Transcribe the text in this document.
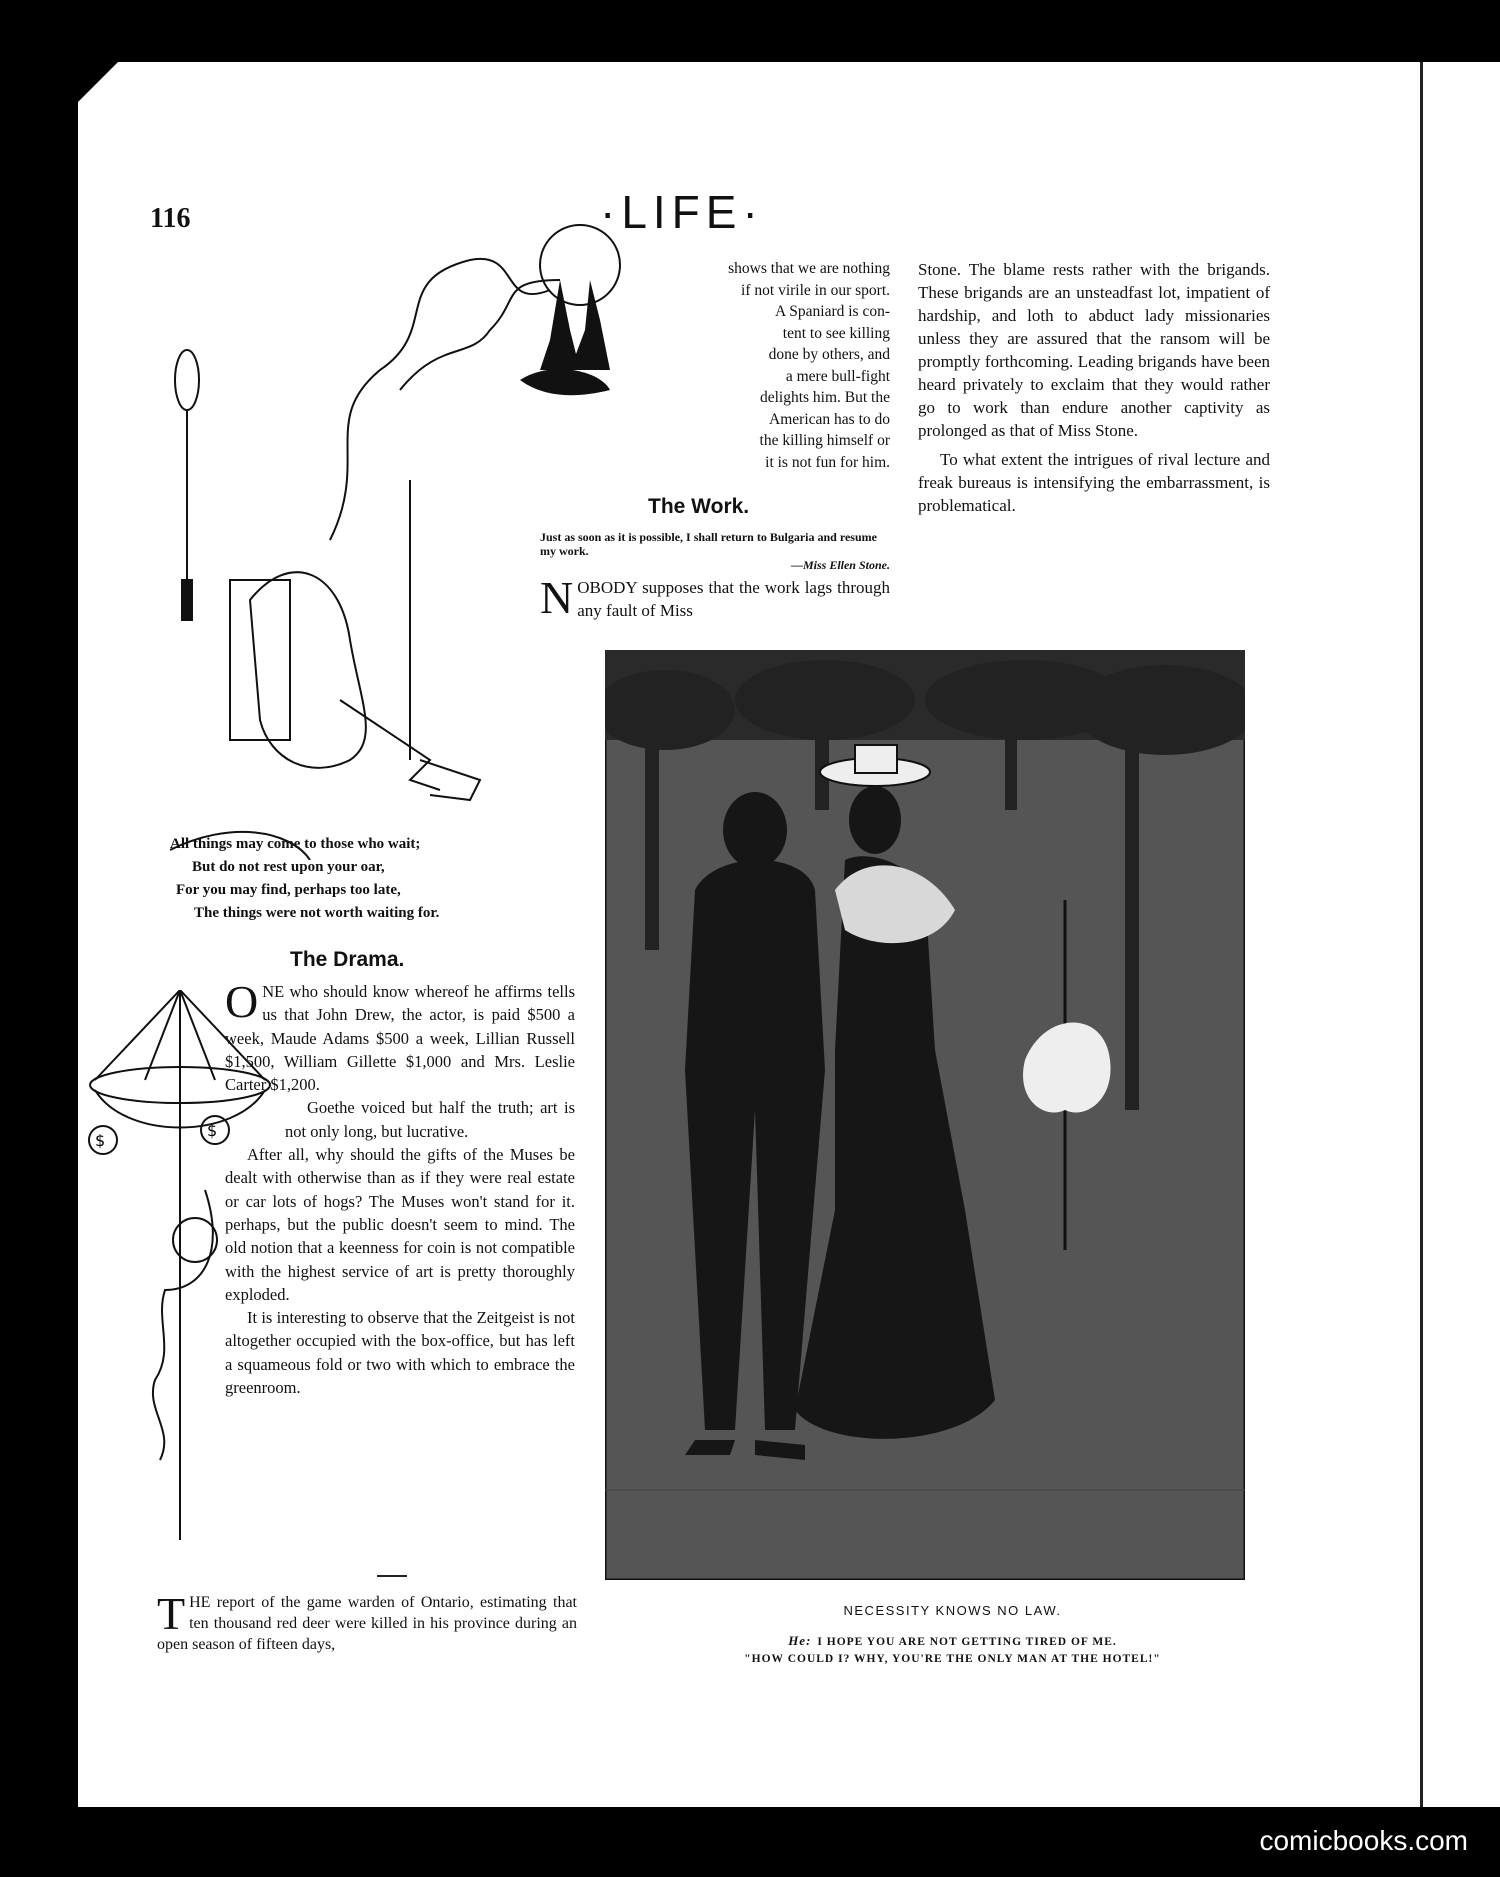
116	·LIFE·
shows that we are nothing
if not virile in our sport.
A Spaniard is con-
tent to see killing
done by others, and
a mere bull-fight
delights him. But the
American has to do
the killing himself or
it is not fun for him.
The Work.
Just as soon as it is possible, I shall return to Bulgaria and resume my work.
—Miss Ellen Stone.
NOBODY supposes that the work lags through any fault of Miss

Stone. The blame rests rather with the brigands. These brigands are an unsteadfast lot, impatient of hardship, and loth to abduct lady missionaries unless they are assured that the ransom will be promptly forthcoming. Leading brigands have been heard privately to exclaim that they would rather go to work than endure another captivity as prolonged as that of Miss Stone.

To what extent the intrigues of rival lecture and freak bureaus is intensifying the embarrassment, is problematical.

All things may come to those who wait;
But do not rest upon your oar,
For you may find, perhaps too late,
The things were not worth waiting for.
The Drama.
$
$

ONE who should know whereof he affirms tells us that John Drew, the actor, is paid $500 a week, Maude Adams $500 a week, Lillian Russell $1,500, William Gillette $1,000 and Mrs. Leslie Carter $1,200.

Goethe voiced but half the truth; art is not only long, but lucrative.

After all, why should the gifts of the Muses be dealt with otherwise than as if they were real estate or car lots of hogs? The Muses won't stand for it. perhaps, but the public doesn't seem to mind. The old notion that a keenness for coin is not compatible with the highest service of art is pretty thoroughly exploded.

It is interesting to observe that the Zeitgeist is not altogether occupied with the box-office, but has left a squameous fold or two with which to embrace the greenroom.

THE report of the game warden of Ontario, estimating that ten thousand red deer were killed in his province during an open season of fifteen days,
NECESSITY KNOWS NO LAW.
He: I HOPE YOU ARE NOT GETTING TIRED OF ME.
"HOW COULD I? WHY, YOU'RE THE ONLY MAN AT THE HOTEL!"
comicbooks.com
